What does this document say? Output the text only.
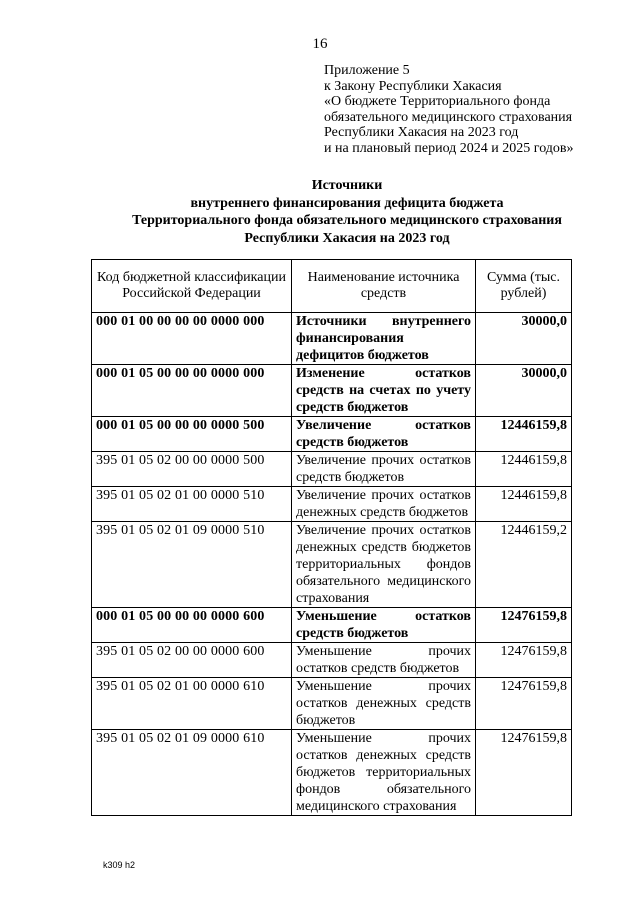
16
Приложение 5
к Закону Республики Хакасия
«О бюджете Территориального фонда
обязательного медицинского страхования
Республики Хакасия на 2023 год
и на плановый период 2024 и 2025 годов»
Источники
внутреннего финансирования дефицита бюджета
Территориального фонда обязательного медицинского страхования
Республики Хакасия на 2023 год
Код бюджетной классификации Российской Федерации	Наименование источника средств	Сумма (тыс. рублей)
000 01 00 00 00 00 0000 000	Источники внутреннего финансирования дефицитов бюджетов	30000,0
000 01 05 00 00 00 0000 000	Изменение остатков средств на счетах по учету средств бюджетов	30000,0
000 01 05 00 00 00 0000 500	Увеличение остатков средств бюджетов	12446159,8
395 01 05 02 00 00 0000 500	Увеличение прочих остатков средств бюджетов	12446159,8
395 01 05 02 01 00 0000 510	Увеличение прочих остатков денежных средств бюджетов	12446159,8
395 01 05 02 01 09 0000 510	Увеличение прочих остатков денежных средств бюджетов территориальных фондов обязательного медицинского страхования	12446159,2
000 01 05 00 00 00 0000 600	Уменьшение остатков средств бюджетов	12476159,8
395 01 05 02 00 00 0000 600	Уменьшение прочих остатков средств бюджетов	12476159,8
395 01 05 02 01 00 0000 610	Уменьшение прочих остатков денежных средств бюджетов	12476159,8
395 01 05 02 01 09 0000 610	Уменьшение прочих остатков денежных средств бюджетов территориальных фондов обязательного медицинского страхования	12476159,8
k309 h2
